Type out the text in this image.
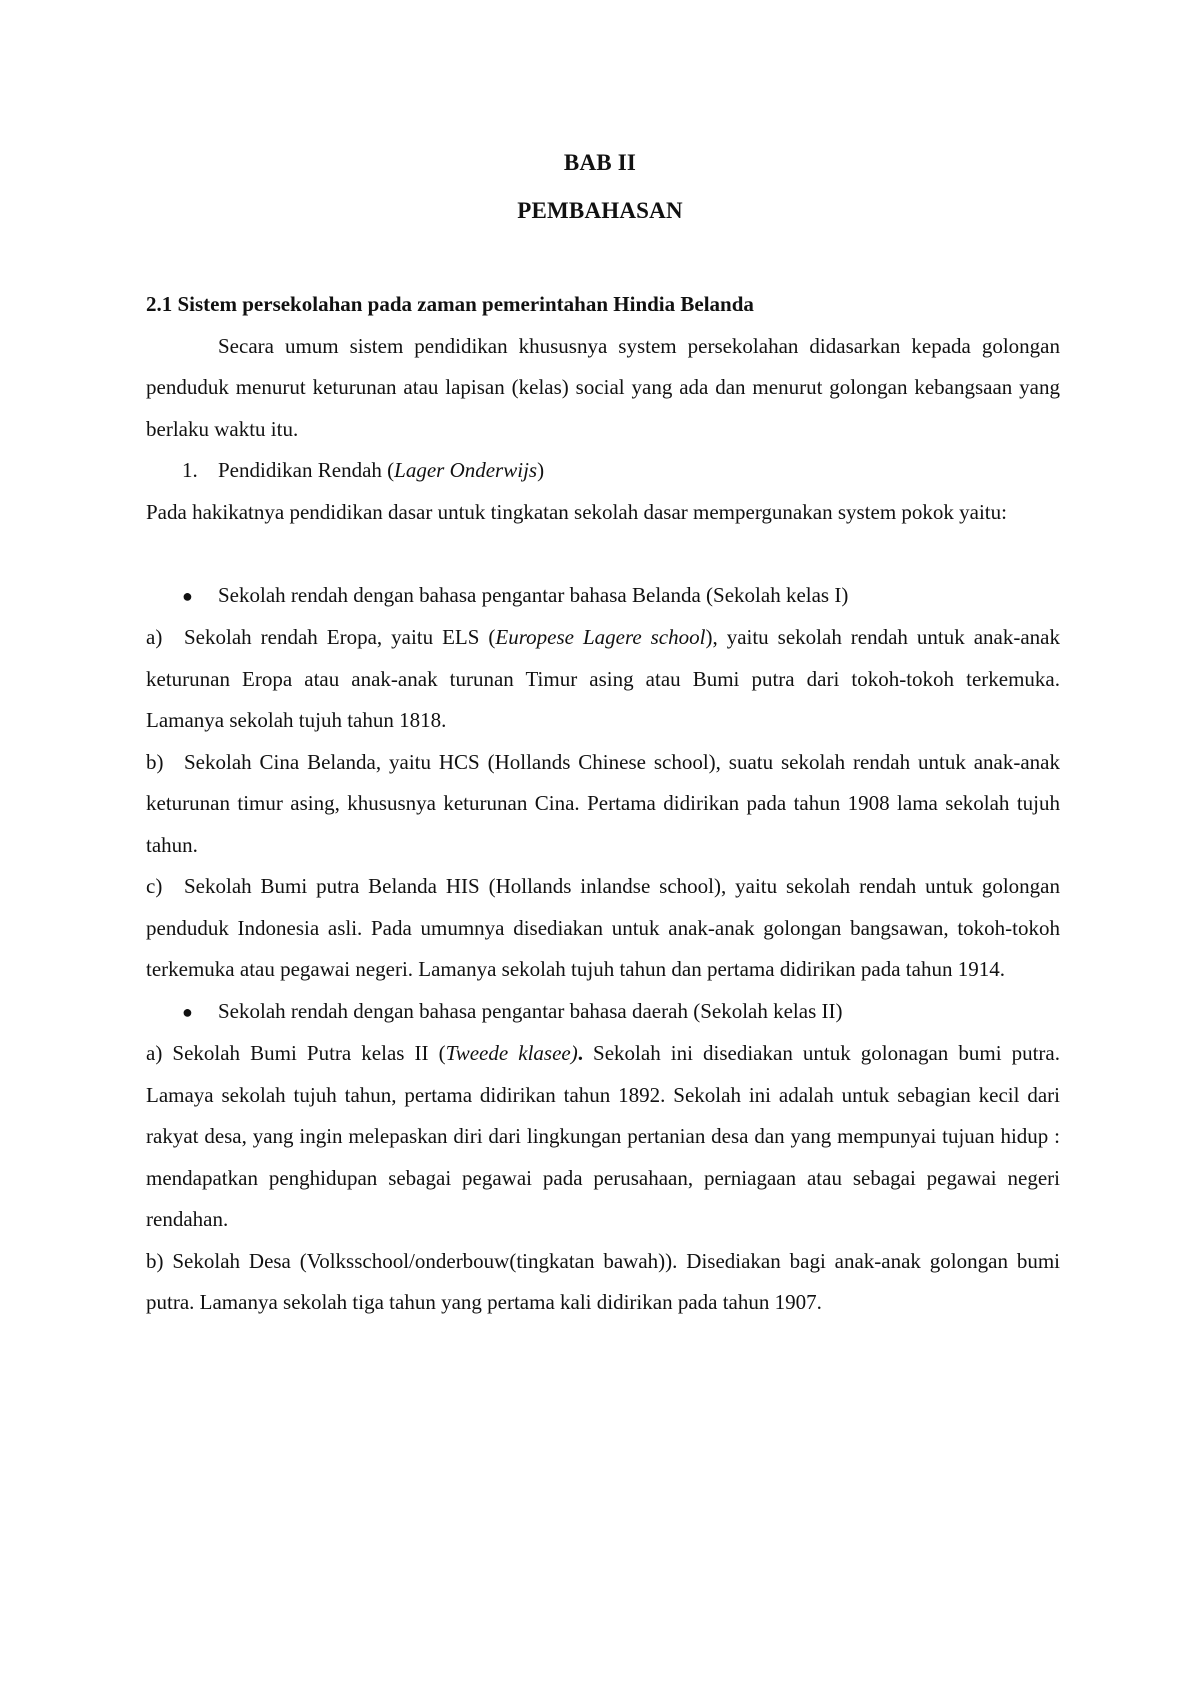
BAB II
PEMBAHASAN

2.1 Sistem persekolahan pada zaman pemerintahan Hindia Belanda

Secara umum sistem pendidikan khususnya system persekolahan didasarkan kepada golongan penduduk menurut keturunan atau lapisan (kelas) social yang ada dan menurut golongan kebangsaan yang berlaku waktu itu.

1. Pendidikan Rendah (Lager Onderwijs)

Pada hakikatnya pendidikan dasar untuk tingkatan sekolah dasar mempergunakan system pokok yaitu:

● Sekolah rendah dengan bahasa pengantar bahasa Belanda (Sekolah kelas I)

a) Sekolah rendah Eropa, yaitu ELS (Europese Lagere school), yaitu sekolah rendah untuk anak-anak keturunan Eropa atau anak-anak turunan Timur asing atau Bumi putra dari tokoh-tokoh terkemuka. Lamanya sekolah tujuh tahun 1818.

b) Sekolah Cina Belanda, yaitu HCS (Hollands Chinese school), suatu sekolah rendah untuk anak-anak keturunan timur asing, khususnya keturunan Cina. Pertama didirikan pada tahun 1908 lama sekolah tujuh tahun.

c) Sekolah Bumi putra Belanda HIS (Hollands inlandse school), yaitu sekolah rendah untuk golongan penduduk Indonesia asli. Pada umumnya disediakan untuk anak-anak golongan bangsawan, tokoh-tokoh terkemuka atau pegawai negeri. Lamanya sekolah tujuh tahun dan pertama didirikan pada tahun 1914.

● Sekolah rendah dengan bahasa pengantar bahasa daerah (Sekolah kelas II)

a) Sekolah Bumi Putra kelas II (Tweede klasee). Sekolah ini disediakan untuk golonagan bumi putra. Lamaya sekolah tujuh tahun, pertama didirikan tahun 1892. Sekolah ini adalah untuk sebagian kecil dari rakyat desa, yang ingin melepaskan diri dari lingkungan pertanian desa dan yang mempunyai tujuan hidup : mendapatkan penghidupan sebagai pegawai pada perusahaan, perniagaan atau sebagai pegawai negeri rendahan.

b) Sekolah Desa (Volksschool/onderbouw(tingkatan bawah)). Disediakan bagi anak-anak golongan bumi putra. Lamanya sekolah tiga tahun yang pertama kali didirikan pada tahun 1907.
